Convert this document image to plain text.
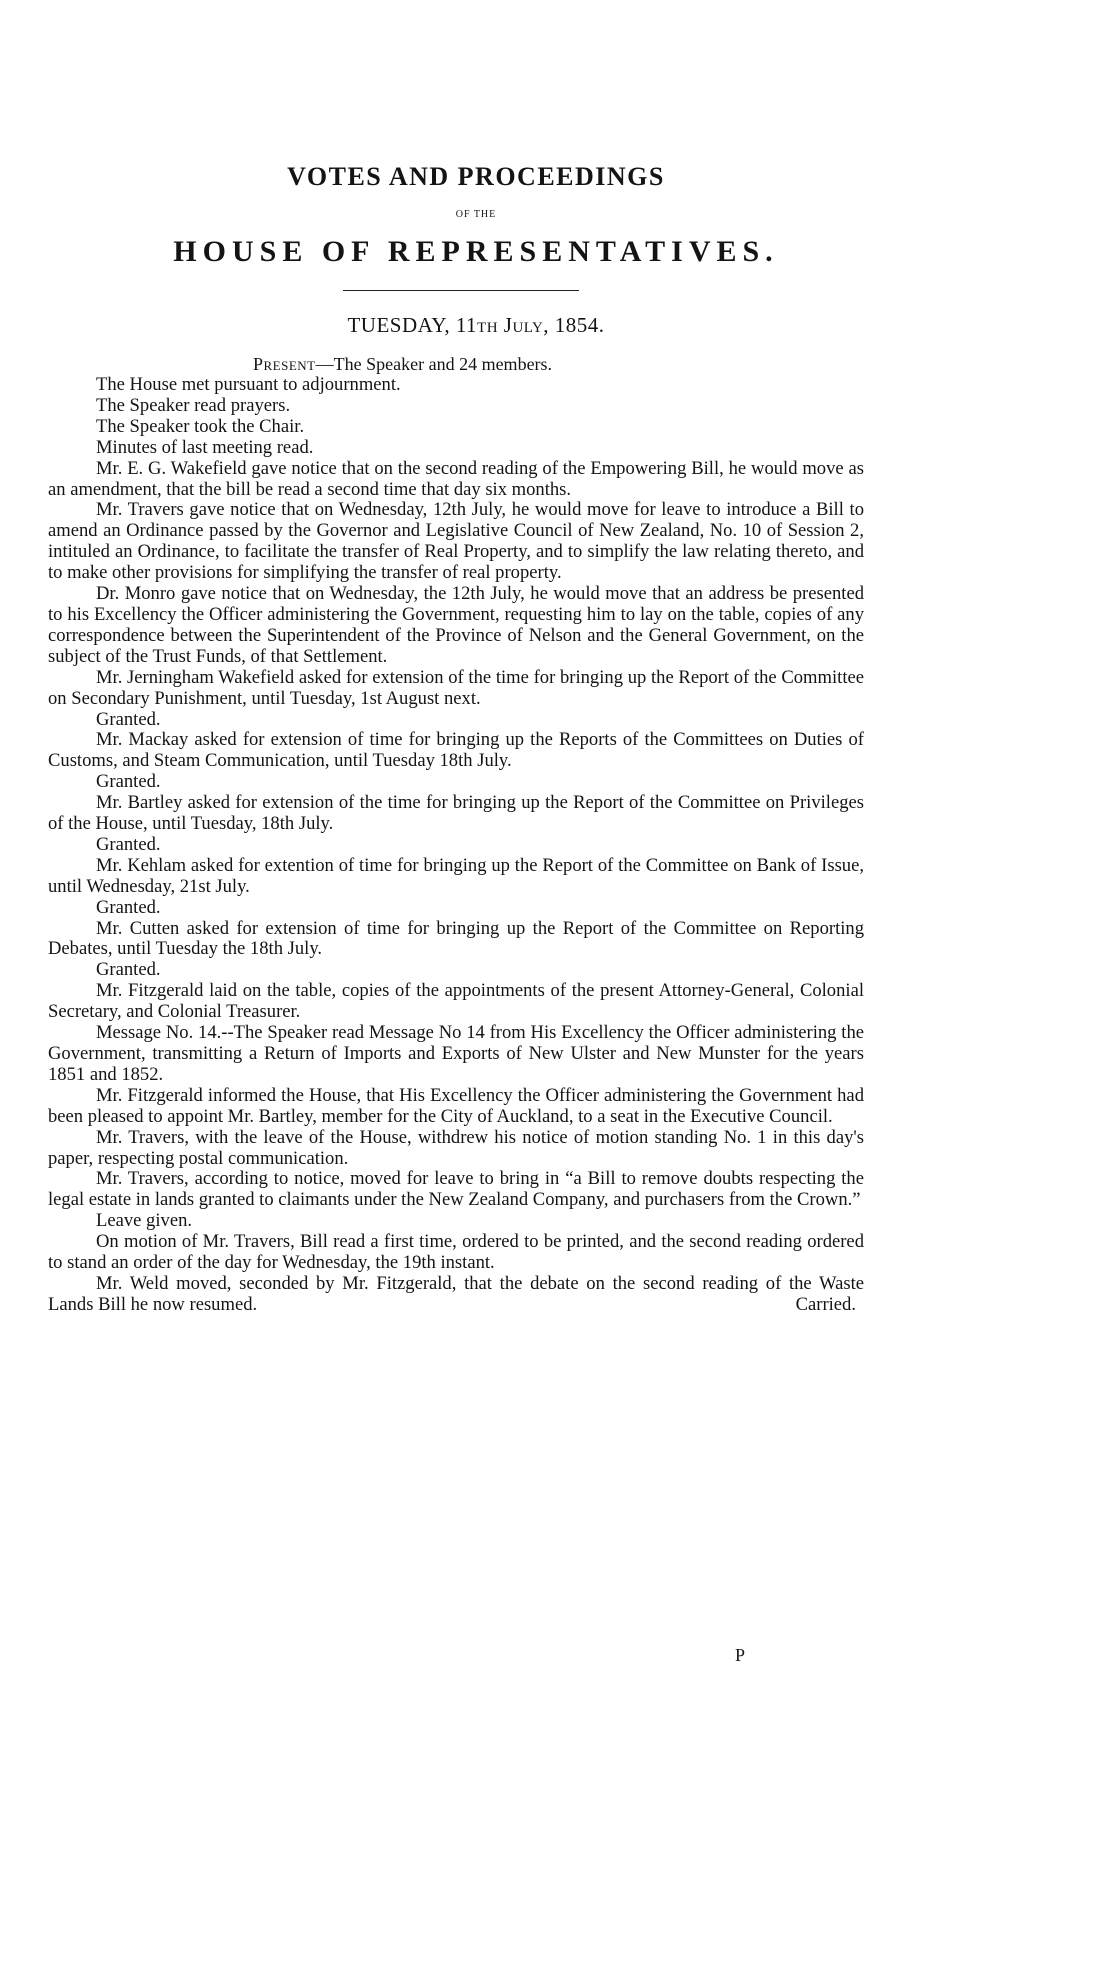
VOTES AND PROCEEDINGS
OF THE
HOUSE OF REPRESENTATIVES.
TUESDAY, 11th July, 1854.
Present—The Speaker and 24 members.

The House met pursuant to adjournment.

The Speaker read prayers.

The Speaker took the Chair.

Minutes of last meeting read.

Mr. E. G. Wakefield gave notice that on the second reading of the Empowering Bill, he would move as an amendment, that the bill be read a second time that day six months.

Mr. Travers gave notice that on Wednesday, 12th July, he would move for leave to introduce a Bill to amend an Ordinance passed by the Governor and Legislative Council of New Zealand, No. 10 of Session 2, intituled an Ordinance, to facilitate the transfer of Real Property, and to simplify the law relating thereto, and to make other provisions for simplifying the transfer of real property.

Dr. Monro gave notice that on Wednesday, the 12th July, he would move that an address be presented to his Excellency the Officer administering the Government, requesting him to lay on the table, copies of any correspondence between the Superintendent of the Province of Nelson and the General Government, on the subject of the Trust Funds, of that Settlement.

Mr. Jerningham Wakefield asked for extension of the time for bringing up the Report of the Committee on Secondary Punishment, until Tuesday, 1st August next.

Granted.

Mr. Mackay asked for extension of time for bringing up the Reports of the Committees on Duties of Customs, and Steam Communication, until Tuesday 18th July.

Granted.

Mr. Bartley asked for extension of the time for bringing up the Report of the Committee on Privileges of the House, until Tuesday, 18th July.

Granted.

Mr. Kehlam asked for extention of time for bringing up the Report of the Committee on Bank of Issue, until Wednesday, 21st July.

Granted.

Mr. Cutten asked for extension of time for bringing up the Report of the Committee on Reporting Debates, until Tuesday the 18th July.

Granted.

Mr. Fitzgerald laid on the table, copies of the appointments of the present Attorney-General, Colonial Secretary, and Colonial Treasurer.

Message No. 14.--The Speaker read Message No 14 from His Excellency the Officer administering the Government, transmitting a Return of Imports and Exports of New Ulster and New Munster for the years 1851 and 1852.

Mr. Fitzgerald informed the House, that His Excellency the Officer administering the Government had been pleased to appoint Mr. Bartley, member for the City of Auckland, to a seat in the Executive Council.

Mr. Travers, with the leave of the House, withdrew his notice of motion standing No. 1 in this day's paper, respecting postal communication.

Mr. Travers, according to notice, moved for leave to bring in “a Bill to remove doubts respecting the legal estate in lands granted to claimants under the New Zealand Company, and purchasers from the Crown.”

Leave given.

On motion of Mr. Travers, Bill read a first time, ordered to be printed, and the second reading ordered to stand an order of the day for Wednesday, the 19th instant.

Mr. Weld moved, seconded by Mr. Fitzgerald, that the debate on the second reading of the Waste Lands Bill he now resumed.	Carried.
P
